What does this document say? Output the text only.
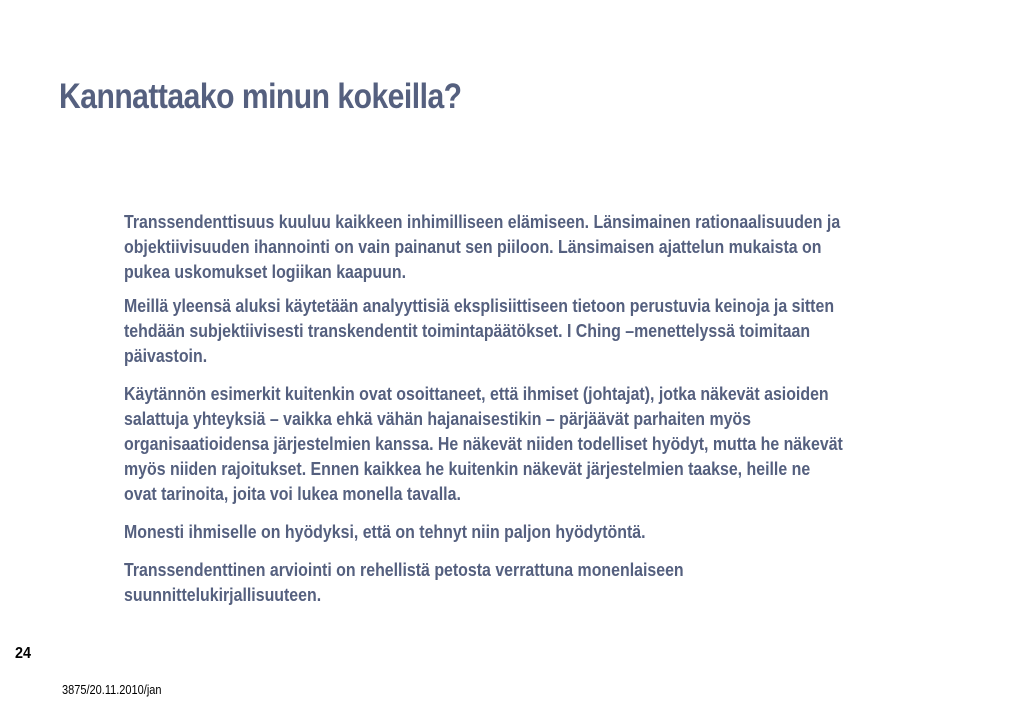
Kannattaako minun kokeilla?
Transsendenttisuus kuuluu kaikkeen inhimilliseen elämiseen. Länsimainen rationaalisuuden ja
objektiivisuuden ihannointi on vain painanut sen piiloon. Länsimaisen ajattelun mukaista on
pukea uskomukset logiikan kaapuun.
Meillä yleensä aluksi käytetään analyyttisiä eksplisiittiseen tietoon perustuvia keinoja ja sitten
tehdään subjektiivisesti transkendentit toimintapäätökset. I Ching –menettelyssä toimitaan
päivastoin.
Käytännön esimerkit kuitenkin ovat osoittaneet, että ihmiset (johtajat), jotka näkevät asioiden
salattuja yhteyksiä – vaikka ehkä vähän hajanaisestikin – pärjäävät parhaiten myös
organisaatioidensa järjestelmien kanssa. He näkevät niiden todelliset hyödyt, mutta he näkevät
myös niiden rajoitukset. Ennen kaikkea he kuitenkin näkevät järjestelmien taakse, heille ne
ovat tarinoita, joita voi lukea monella tavalla.
Monesti ihmiselle on hyödyksi, että on tehnyt niin paljon hyödytöntä.
Transsendenttinen arviointi on rehellistä petosta verrattuna monenlaiseen
suunnittelukirjallisuuteen.
24
3875/20.11.2010/jan
